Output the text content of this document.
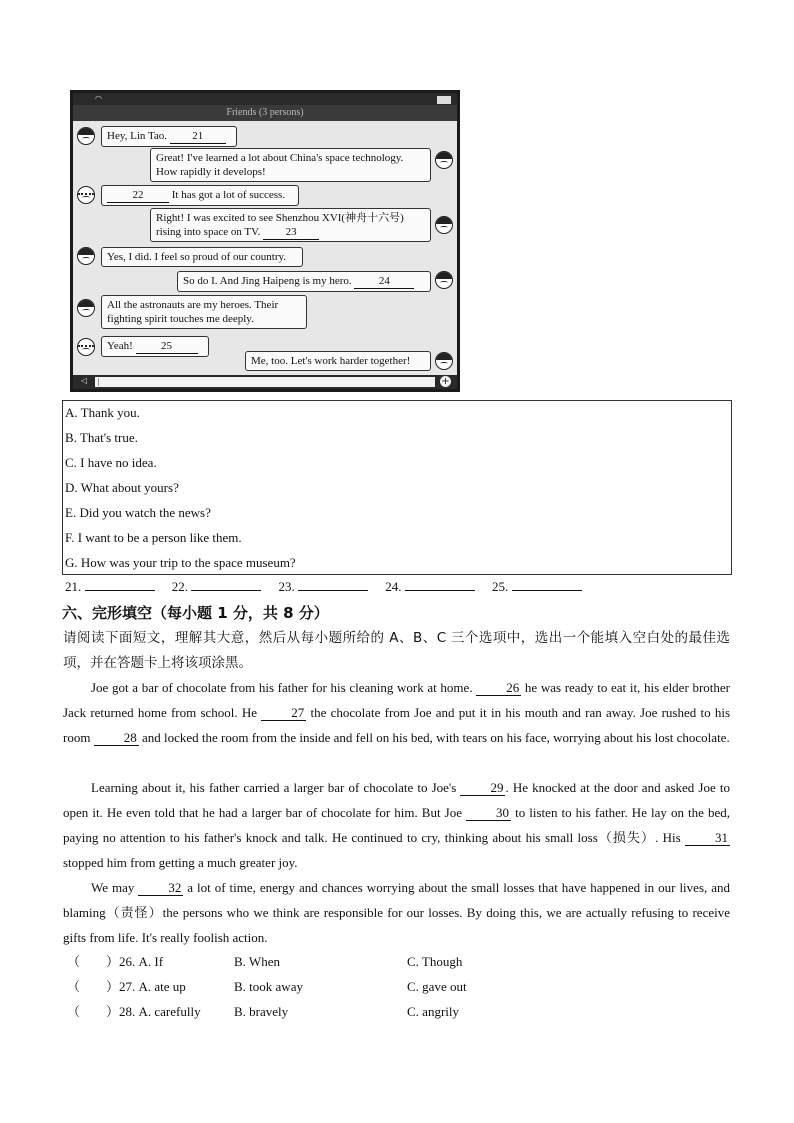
◠
Friends (3 persons)
Hey, Lin Tao. 21
Great! I've learned a lot about China's space technology.
How rapidly it develops!
22 It has got a lot of success.
Right! I was excited to see Shenzhou XVI(神舟十六号)
rising into space on TV. 23
Yes, I did. I feel so proud of our country.
So do I. And Jing Haipeng is my hero. 24
All the astronauts are my heroes. Their
fighting spirit touches me deeply.
Yeah! 25
Me, too. Let's work harder together!
◁	|	+
A. Thank you.
B. That's true.
C. I have no idea.
D. What about yours?
E. Did you watch the news?
F. I want to be a person like them.
G. How was your trip to the space museum?
21.	22.	23.	24.	25.
六、完形填空（每小题 1 分，共 8 分）
请阅读下面短文，理解其大意，然后从每小题所给的 A、B、C 三个选项中，选出一个能填入空白处的最佳选项，并在答题卡上将该项涂黑。
Joe got a bar of chocolate from his father for his cleaning work at home. 26 he was ready to eat it, his elder brother Jack returned home from school. He 27 the chocolate from Joe and put it in his mouth and ran away. Joe rushed to his room 28 and locked the room from the inside and fell on his bed, with tears on his face, worrying about his lost chocolate.
Learning about it, his father carried a larger bar of chocolate to Joe's 29 . He knocked at the door and asked Joe to open it. He even told that he had a larger bar of chocolate for him. But Joe 30 to listen to his father. He lay on the bed, paying no attention to his father's knock and talk. He continued to cry, thinking about his small loss（损失）. His 31 stopped him from getting a much greater joy.
We may 32 a lot of time, energy and chances worrying about the small losses that have happened in our lives, and blaming（责怪）the persons who we think are responsible for our losses. By doing this, we are actually refusing to receive gifts from life. It's really foolish action.
（　　）26. A. If	B. When	C. Though
（　　）27. A. ate up	B. took away	C. gave out
（　　）28. A. carefully	B. bravely	C. angrily
